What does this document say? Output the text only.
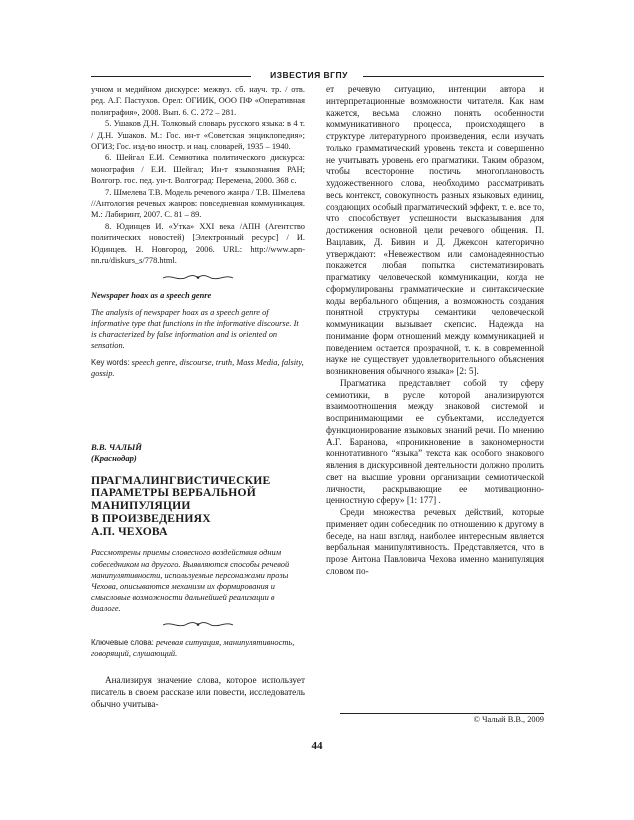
ИЗВЕСТИЯ ВГПУ

учном и медийном дискурсе: межвуз. сб. науч. тр. / отв. ред. А.Г. Пастухов. Орел: ОГИИК, ООО ПФ «Оперативная полиграфия», 2008. Вып. 6. С. 272 – 281.

5. Ушаков Д.Н. Толковый словарь русского языка: в 4 т. / Д.Н. Ушаков. М.: Гос. ин-т «Советская энциклопедия»; ОГИЗ; Гос. изд-во иностр. и нац. словарей, 1935 – 1940.

6. Шейгал Е.И. Семиотика политического дискурса: монография / Е.И. Шейгал; Ин-т языкознания РАН; Волгогр. гос. пед. ун-т. Волгоград: Перемена, 2000. 368 с.

7. Шмелева Т.В. Модель речевого жанра / Т.В. Шмелева //Антология речевых жанров: повседневная коммуникация. М.: Лабиринт, 2007. С. 81 – 89.

8. Юдинцев И. «Утка» XXI века /АПН (Агентство политических новостей) [Электронный ресурс] / И. Юдинцев. Н. Новгород, 2006. URL: http://www.apn-nn.ru/diskurs_s/778.html.

Newspaper hoax as a speech genre

The analysis of newspaper hoax as a speech genre of informative type that functions in the informative discourse. It is characterized by false information and is oriented on sensation.

Key words: speech genre, discourse, truth, Mass Media, falsity, gossip.

В.В. ЧАЛЫЙ

(Краснодар)

ПРАГМАЛИНГВИСТИЧЕСКИЕ
ПАРАМЕТРЫ ВЕРБАЛЬНОЙ
МАНИПУЛЯЦИИ
В ПРОИЗВЕДЕНИЯХ
А.П. ЧЕХОВА

Рассмотрены приемы словесного воздействия одним собеседником на другого. Выявляются способы речевой манипулятивности, используемые персонажами прозы Чехова, описываются механизм их формирования и смысловые возможности дальнейшей реализации в диалоге.

Ключевые слова: речевая ситуация, манипулятивность, говорящий, слушающий.

Анализируя значение слова, которое использует писатель в своем рассказе или повести, исследователь обычно учитыва-

ет речевую ситуацию, интенции автора и интерпретационные возможности читателя. Как нам кажется, весьма сложно понять особенности коммуникативного процесса, происходящего в структуре литературного произведения, если изучать только грамматический уровень текста и совершенно не учитывать уровень его прагматики. Таким образом, чтобы всесторонне постичь многоплановость художественного слова, необходимо рассматривать весь контекст, совокупность разных языковых единиц, создающих особый прагматический эффект, т. е. все то, что способствует успешности высказывания для достижения основной цели речевого общения. П. Вацлавик, Д. Бивин и Д. Джексон категорично утверждают: «Невежеством или самонадеянностью покажется любая попытка систематизировать прагматику человеческой коммуникации, когда не сформулированы грамматические и синтаксические коды вербального общения, а возможность создания понятной структуры семантики человеческой коммуникации вызывает скепсис. Надежда на понимание форм отношений между коммуникацией и поведением остается прозрачной, т. к. в современной науке не существует удовлетворительного объяснения возникновения обычного языка» [2: 5].

Прагматика представляет собой ту сферу семиотики, в русле которой анализируются взаимоотношения между знаковой системой и воспринимающими ее субъектами, исследуется функционирование языковых знаний речи. По мнению А.Г. Баранова, «проникновение в закономерности коннотативного “языка” текста как особого знакового явления в дискурсивной деятельности должно пролить свет на высшие уровни организации семиотической личности, раскрывающие ее мотивационно-ценностную сферу» [1: 177] .

Среди множества речевых действий, которые применяет один собеседник по отношению к другому в беседе, на наш взгляд, наиболее интересным является вербальная манипулятивность. Представляется, что в прозе Антона Павловича Чехова именно манипуляция словом по-

© Чалый В.В., 2009
44
